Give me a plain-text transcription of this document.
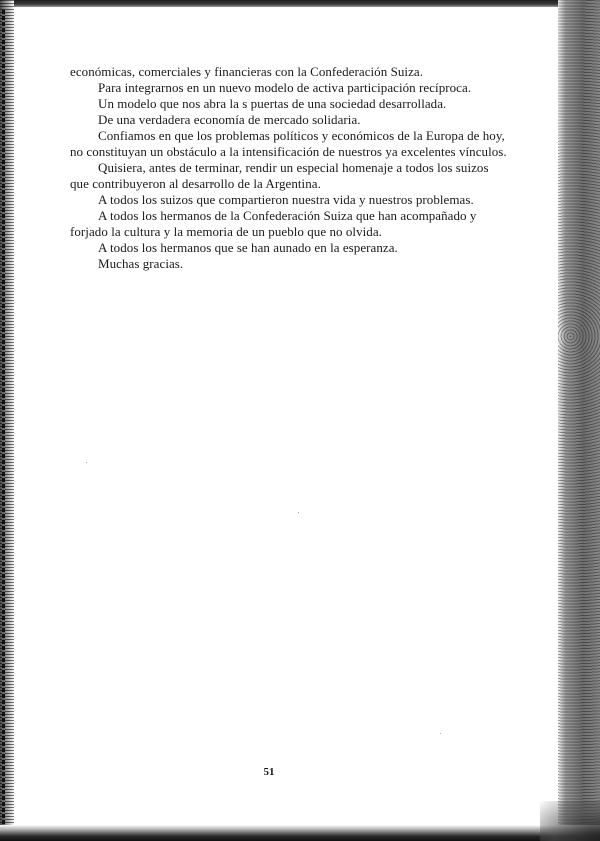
económicas, comerciales y financieras con la Confederación Suiza.

Para integrarnos en un nuevo modelo de activa participación recíproca.

Un modelo que nos abra la s puertas de una sociedad desarrollada.

De una verdadera economía de mercado solidaria.

Confiamos en que los problemas políticos y económicos de la Europa de hoy, no constituyan un obstáculo a la intensificación de nuestros ya excelentes vínculos.

Quisiera, antes de terminar, rendir un especial homenaje a todos los suizos que contribuyeron al desarrollo de la Argentina.

A todos los suizos que compartieron nuestra vida y nuestros problemas.

A todos los hermanos de la Confederación Suiza que han acompañado y forjado la cultura y la memoria de un pueblo que no olvida.

A todos los hermanos que se han aunado en la esperanza.

Muchas gracias.

51
